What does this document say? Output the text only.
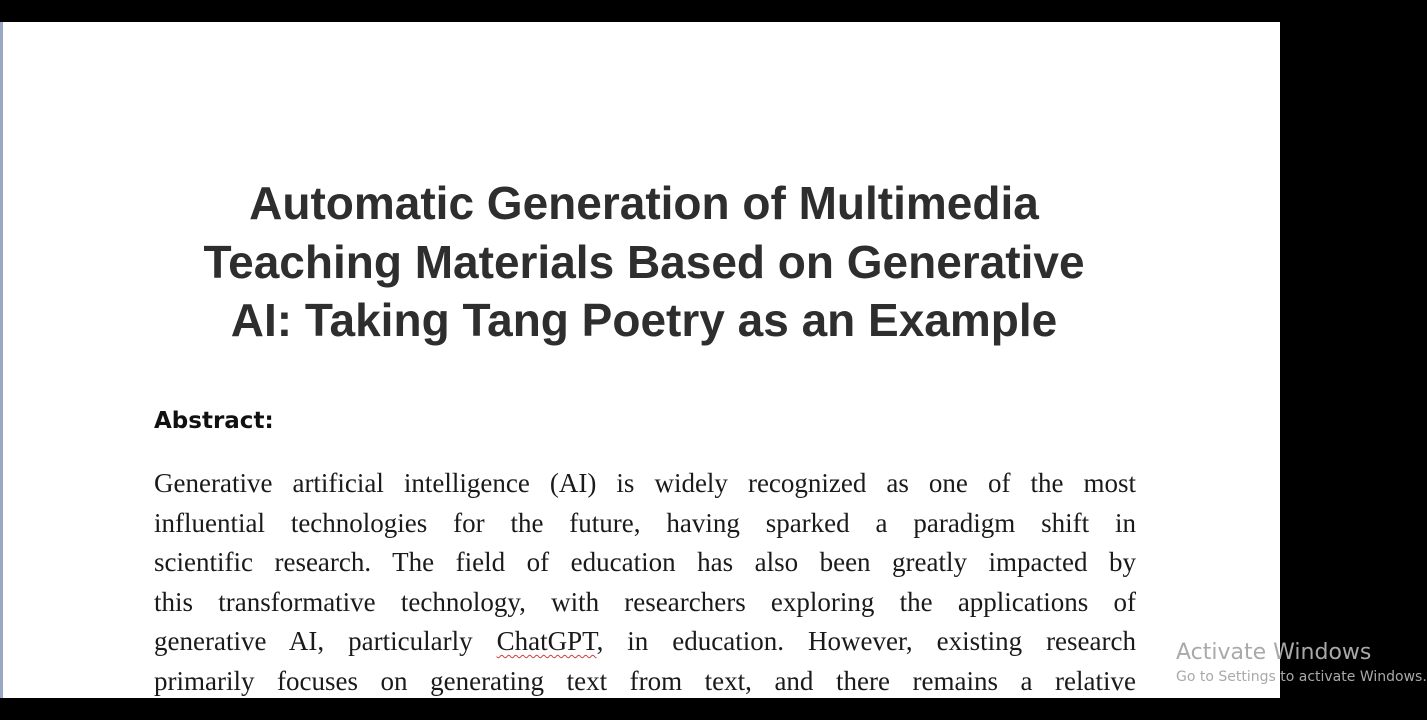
Automatic Generation of Multimedia
Teaching Materials Based on Generative
AI: Taking Tang Poetry as an Example
Abstract:
Generative artificial intelligence (AI) is widely recognized as one of the most
influential technologies for the future, having sparked a paradigm shift in
scientific research. The field of education has also been greatly impacted by
this transformative technology, with researchers exploring the applications of
generative AI, particularly ChatGPT, in education. However, existing research
primarily focuses on generating text from text, and there remains a relative
Activate Windows
Go to Settings to activate Windows.
